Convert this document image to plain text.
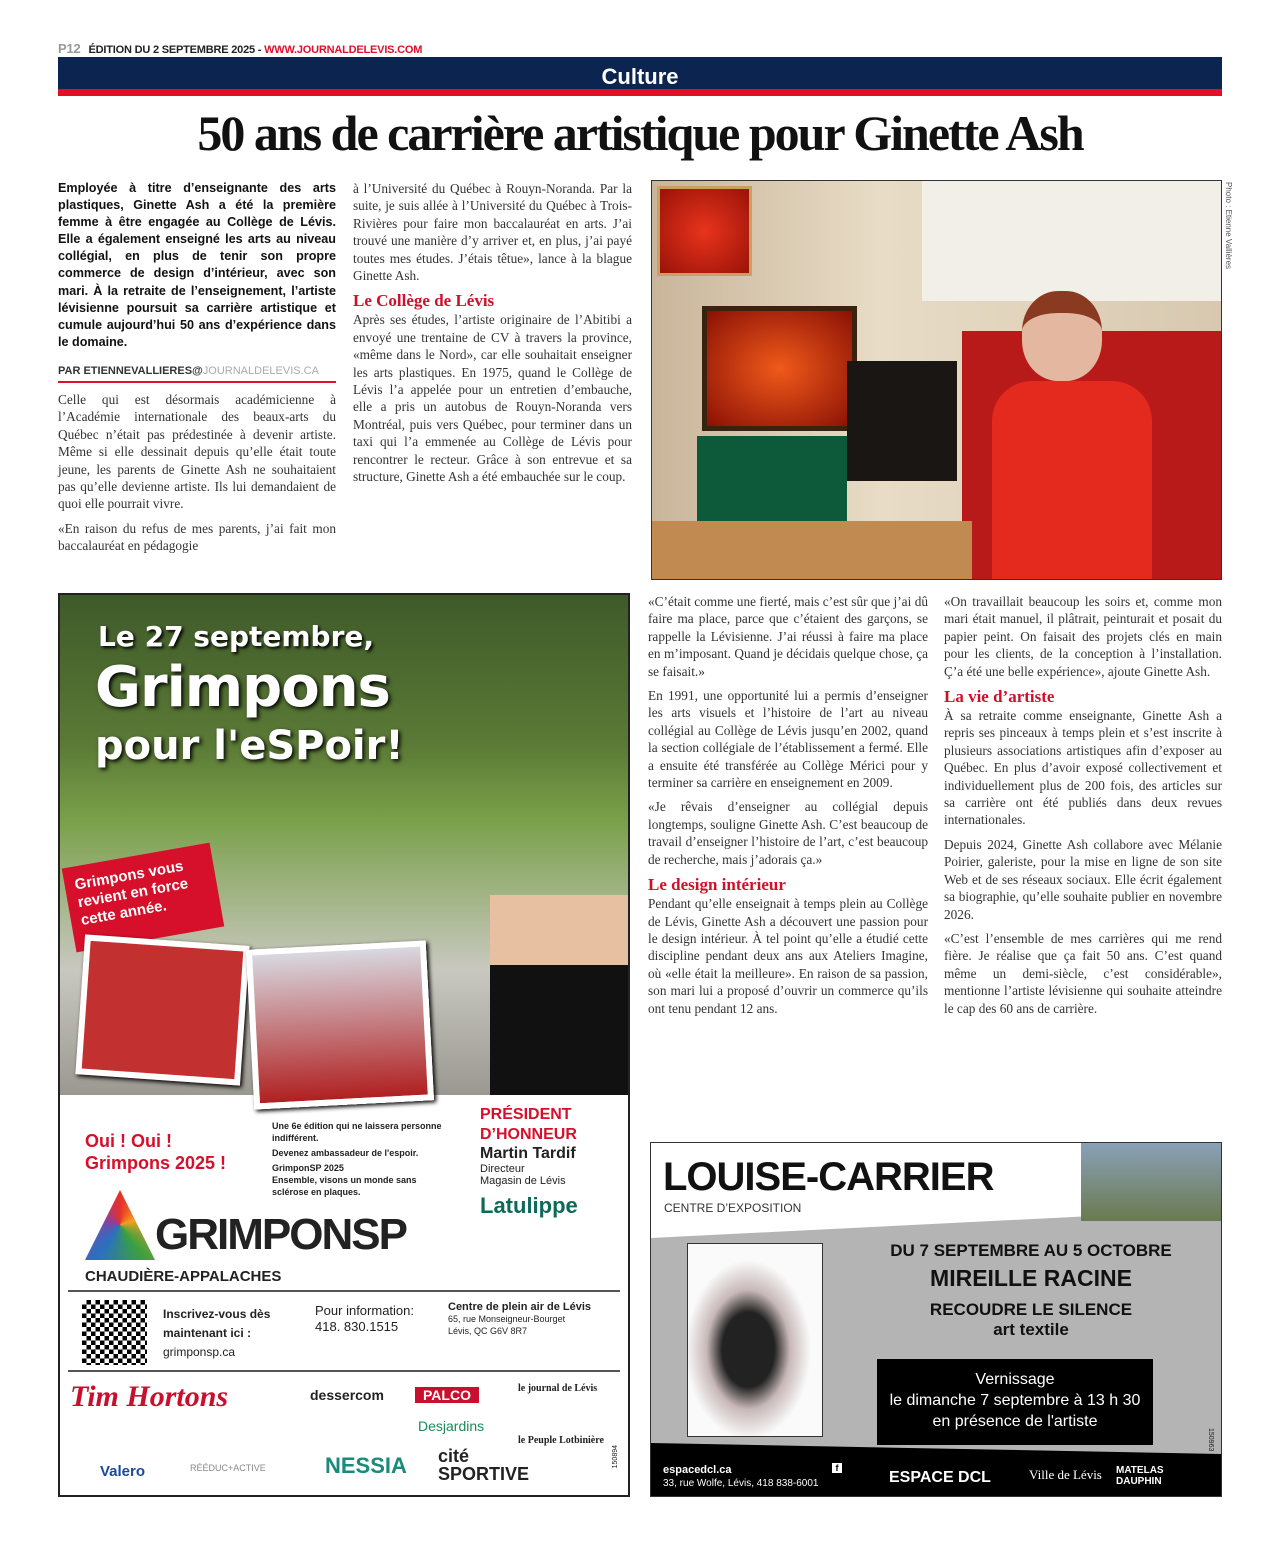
P12 ÉDITION DU 2 SEPTEMBRE 2025 - WWW.JOURNALDELEVIS.COM
Culture
50 ans de carrière artistique pour Ginette Ash
Employée à titre d’enseignante des arts plastiques, Ginette Ash a été la première femme à être engagée au Collège de Lévis. Elle a également enseigné les arts au niveau collégial, en plus de tenir son propre commerce de design d’intérieur, avec son mari. À la retraite de l’enseignement, l’artiste lévisienne poursuit sa carrière artistique et cumule aujourd’hui 50 ans d’expérience dans le domaine.
PAR ETIENNEVALLIERES@JOURNALDELEVIS.CA

Celle qui est désormais académicienne à l’Académie internationale des beaux-arts du Québec n’était pas prédestinée à devenir artiste. Même si elle dessinait depuis qu’elle était toute jeune, les parents de Ginette Ash ne souhaitaient pas qu’elle devienne artiste. Ils lui demandaient de quoi elle pourrait vivre.

«En raison du refus de mes parents, j’ai fait mon baccalauréat en pédagogie

à l’Université du Québec à Rouyn-Noranda. Par la suite, je suis allée à l’Université du Québec à Trois-Rivières pour faire mon baccalauréat en arts. J’ai trouvé une manière d’y arriver et, en plus, j’ai payé toutes mes études. J’étais têtue», lance à la blague Ginette Ash.

Le Collège de Lévis

Après ses études, l’artiste originaire de l’Abitibi a envoyé une trentaine de CV à travers la province, «même dans le Nord», car elle souhaitait enseigner les arts plastiques. En 1975, quand le Collège de Lévis l’a appelée pour un entretien d’embauche, elle a pris un autobus de Rouyn-Noranda vers Montréal, puis vers Québec, pour terminer dans un taxi qui l’a emmenée au Collège de Lévis pour rencontrer le recteur. Grâce à son entrevue et sa structure, Ginette Ash a été embauchée sur le coup.

Photo : Etienne Vallières
Le 27 septembre,
Grimpons
pour l'eSPoir!
Grimpons vous revient en force cette année.
Oui ! Oui !
Grimpons 2025 !
Une 6e édition qui ne laissera personne indifférent.
Devenez ambassadeur de l'espoir.
GrimponSP 2025
Ensemble, visons un monde sans sclérose en plaques.
PRÉSIDENT D’HONNEUR
Martin Tardif
Directeur
Magasin de Lévis
Latulippe
GRIMPONSP
CHAUDIÈRE-APPALACHES
Inscrivez-vous dès maintenant ici :
grimponsp.ca
Pour information:
418. 830.1515
Centre de plein air de Lévis
65, rue Monseigneur-Bourget
Lévis, QC G6V 8R7
Tim Hortons	dessercom	PALCO	le journal de Lévis
Desjardins
Valero	RÉÉDUC+ACTIVE	NESSIA cité SPORTIVE
le Peuple Lotbinière
150894

«C’était comme une fierté, mais c’est sûr que j’ai dû faire ma place, parce que c’étaient des garçons, se rappelle la Lévisienne. J’ai réussi à faire ma place en m’imposant. Quand je décidais quelque chose, ça se faisait.»

En 1991, une opportunité lui a permis d’enseigner les arts visuels et l’histoire de l’art au niveau collégial au Collège de Lévis jusqu’en 2002, quand la section collégiale de l’établissement a fermé. Elle a ensuite été transférée au Collège Mérici pour y terminer sa carrière en enseignement en 2009.

«Je rêvais d’enseigner au collégial depuis longtemps, souligne Ginette Ash. C’est beaucoup de travail d’enseigner l’histoire de l’art, c’est beaucoup de recherche, mais j’adorais ça.»

Le design intérieur

Pendant qu’elle enseignait à temps plein au Collège de Lévis, Ginette Ash a découvert une passion pour le design intérieur. À tel point qu’elle a étudié cette discipline pendant deux ans aux Ateliers Imagine, où «elle était la meilleure». En raison de sa passion, son mari lui a proposé d’ouvrir un commerce qu’ils ont tenu pendant 12 ans.

«On travaillait beaucoup les soirs et, comme mon mari était manuel, il plâtrait, peinturait et posait du papier peint. On faisait des projets clés en main pour les clients, de la conception à l’installation. Ç’a été une belle expérience», ajoute Ginette Ash.

La vie d’artiste

À sa retraite comme enseignante, Ginette Ash a repris ses pinceaux à temps plein et s’est inscrite à plusieurs associations artistiques afin d’exposer au Québec. En plus d’avoir exposé collectivement et individuellement plus de 200 fois, des articles sur sa carrière ont été publiés dans deux revues internationales.

Depuis 2024, Ginette Ash collabore avec Mélanie Poirier, galeriste, pour la mise en ligne de son site Web et de ses réseaux sociaux. Elle écrit également sa biographie, qu’elle souhaite publier en novembre 2026.

«C’est l’ensemble de mes carrières qui me rend fière. Je réalise que ça fait 50 ans. C’est quand même un demi-siècle, c’est considérable», mentionne l’artiste lévisienne qui souhaite atteindre le cap des 60 ans de carrière.

LOUISE-CARRIER
CENTRE D’EXPOSITION
DU 7 SEPTEMBRE AU 5 OCTOBRE
MIREILLE RACINE
RECOUDRE LE SILENCE
art textile
Vernissage
le dimanche 7 septembre à 13 h 30
en présence de l'artiste
150963
espacedcl.ca
33, rue Wolfe, Lévis, 418 838-6001
f
ESPACE DCL	Ville de Lévis MATELAS DAUPHIN
